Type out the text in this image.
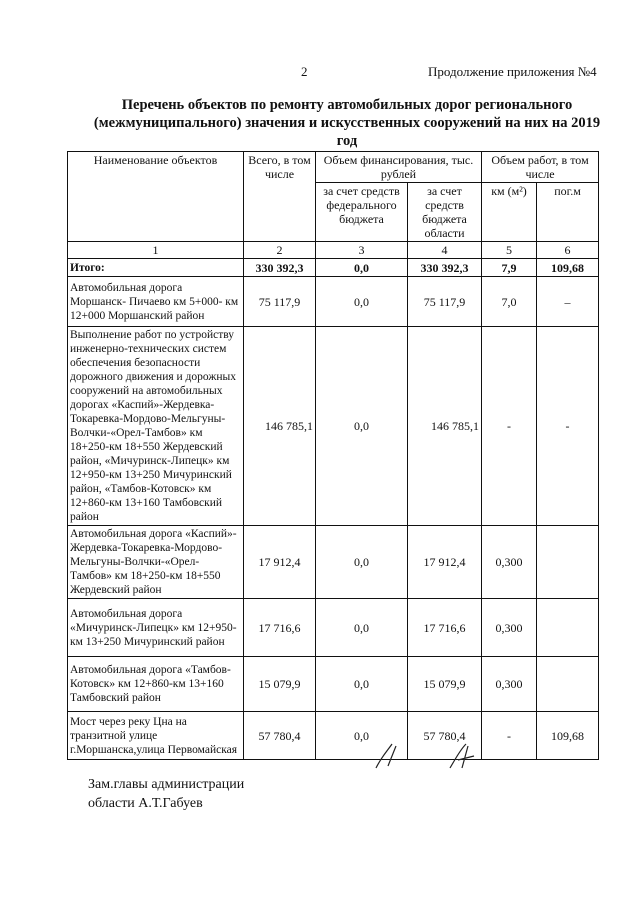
2	Продолжение приложения №4
Перечень объектов по ремонту автомобильных дорог регионального (межмуниципального) значения и искусственных сооружений на них на 2019 год
Наименование объектов	Всего, в том числе	Объем финансирования, тыс. рублей		Объем работ, в том числе	
		за счет средств федерального бюджета	за счет средств бюджета области	км (м²)	пог.м
1	2	3	4	5	6
Итого:	330 392,3	0,0	330 392,3	7,9	109,68
Автомобильная дорога Моршанск- Пичаево км 5+000- км 12+000 Моршанский район	75 117,9	0,0	75 117,9	7,0	–
Выполнение работ по устройству инженерно-технических систем обеспечения безопасности дорожного движения и дорожных сооружений на автомобильных дорогах «Каспий»-Жердевка-Токаревка-Мордово-Мельгуны-Волчки-«Орел-Тамбов» км 18+250-км 18+550 Жердевский район, «Мичуринск-Липецк» км 12+950-км 13+250 Мичуринский район, «Тамбов-Котовск» км 12+860-км 13+160 Тамбовский район	146 785,1	0,0	146 785,1	-	-
Автомобильная дорога «Каспий»-Жердевка-Токаревка-Мордово-Мельгуны-Волчки-«Орел-Тамбов» км 18+250-км 18+550 Жердевский район	17 912,4	0,0	17 912,4	0,300	
Автомобильная дорога «Мичуринск-Липецк» км 12+950-км 13+250 Мичуринский район	17 716,6	0,0	17 716,6	0,300	
Автомобильная дорога «Тамбов-Котовск» км 12+860-км 13+160 Тамбовский район	15 079,9	0,0	15 079,9	0,300	
Мост через реку Цна на транзитной улице г.Моршанска,улица Первомайская	57 780,4	0,0	57 780,4	-	109,68
Зам.главы администрации
области А.Т.Габуев
